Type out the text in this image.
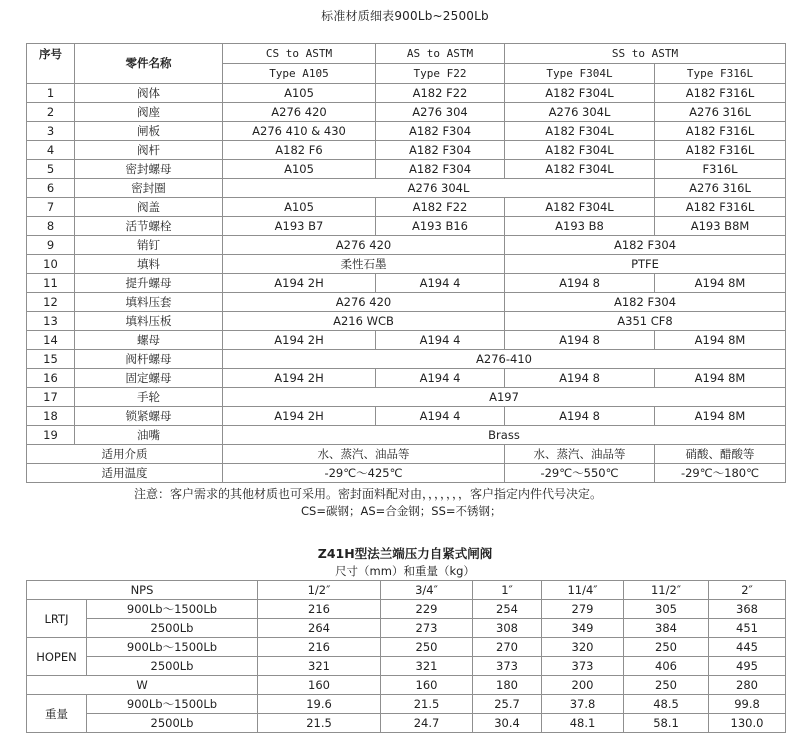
标准材质细表900Lb~2500Lb
序号	零件名称	CS to ASTM	AS to ASTM	SS to ASTM	
		Type A105	Type F22	Type F304L	Type F316L
1	阀体	A105	A182 F22	A182 F304L	A182 F316L
2	阀座	A276 420	A276 304	A276 304L	A276 316L
3	闸板	A276 410 & 430	A182 F304	A182 F304L	A182 F316L
4	阀杆	A182 F6	A182 F304	A182 F304L	A182 F316L
5	密封螺母	A105	A182 F304	A182 F304L	F316L
6	密封圈	A276 304L			A276 316L
7	阀盖	A105	A182 F22	A182 F304L	A182 F316L
8	活节螺栓	A193 B7	A193 B16	A193 B8	A193 B8M
9	销钉	A276 420		A182 F304	
10	填料	柔性石墨		PTFE	
11	提升螺母	A194 2H	A194 4	A194 8	A194 8M
12	填料压套	A276 420		A182 F304	
13	填料压板	A216 WCB		A351 CF8	
14	螺母	A194 2H	A194 4	A194 8	A194 8M
15	阀杆螺母	A276-410			
16	固定螺母	A194 2H	A194 4	A194 8	A194 8M
17	手轮	A197			
18	锁紧螺母	A194 2H	A194 4	A194 8	A194 8M
19	油嘴	Brass			
适用介质		水、蒸汽、油品等		水、蒸汽、油品等	硝酸、醋酸等
适用温度		-29℃～425℃		-29℃～550℃	-29℃～180℃
注意：客户需求的其他材质也可采用。密封面料配对由，，，，，，，客户指定内件代号决定。
CS=碳钢；AS=合金钢；SS=不锈钢；
Z41H型法兰端压力自紧式闸阀
尺寸（mm）和重量（kg）
NPS		1/2″	3/4″	1″	11/4″	11/2″	2″
LRTJ	900Lb～1500Lb	216	229	254	279	305	368
	2500Lb	264	273	308	349	384	451
HOPEN	900Lb～1500Lb	216	250	270	320	250	445
	2500Lb	321	321	373	373	406	495
W		160	160	180	200	250	280
重量	900Lb～1500Lb	19.6	21.5	25.7	37.8	48.5	99.8
	2500Lb	21.5	24.7	30.4	48.1	58.1	130.0
